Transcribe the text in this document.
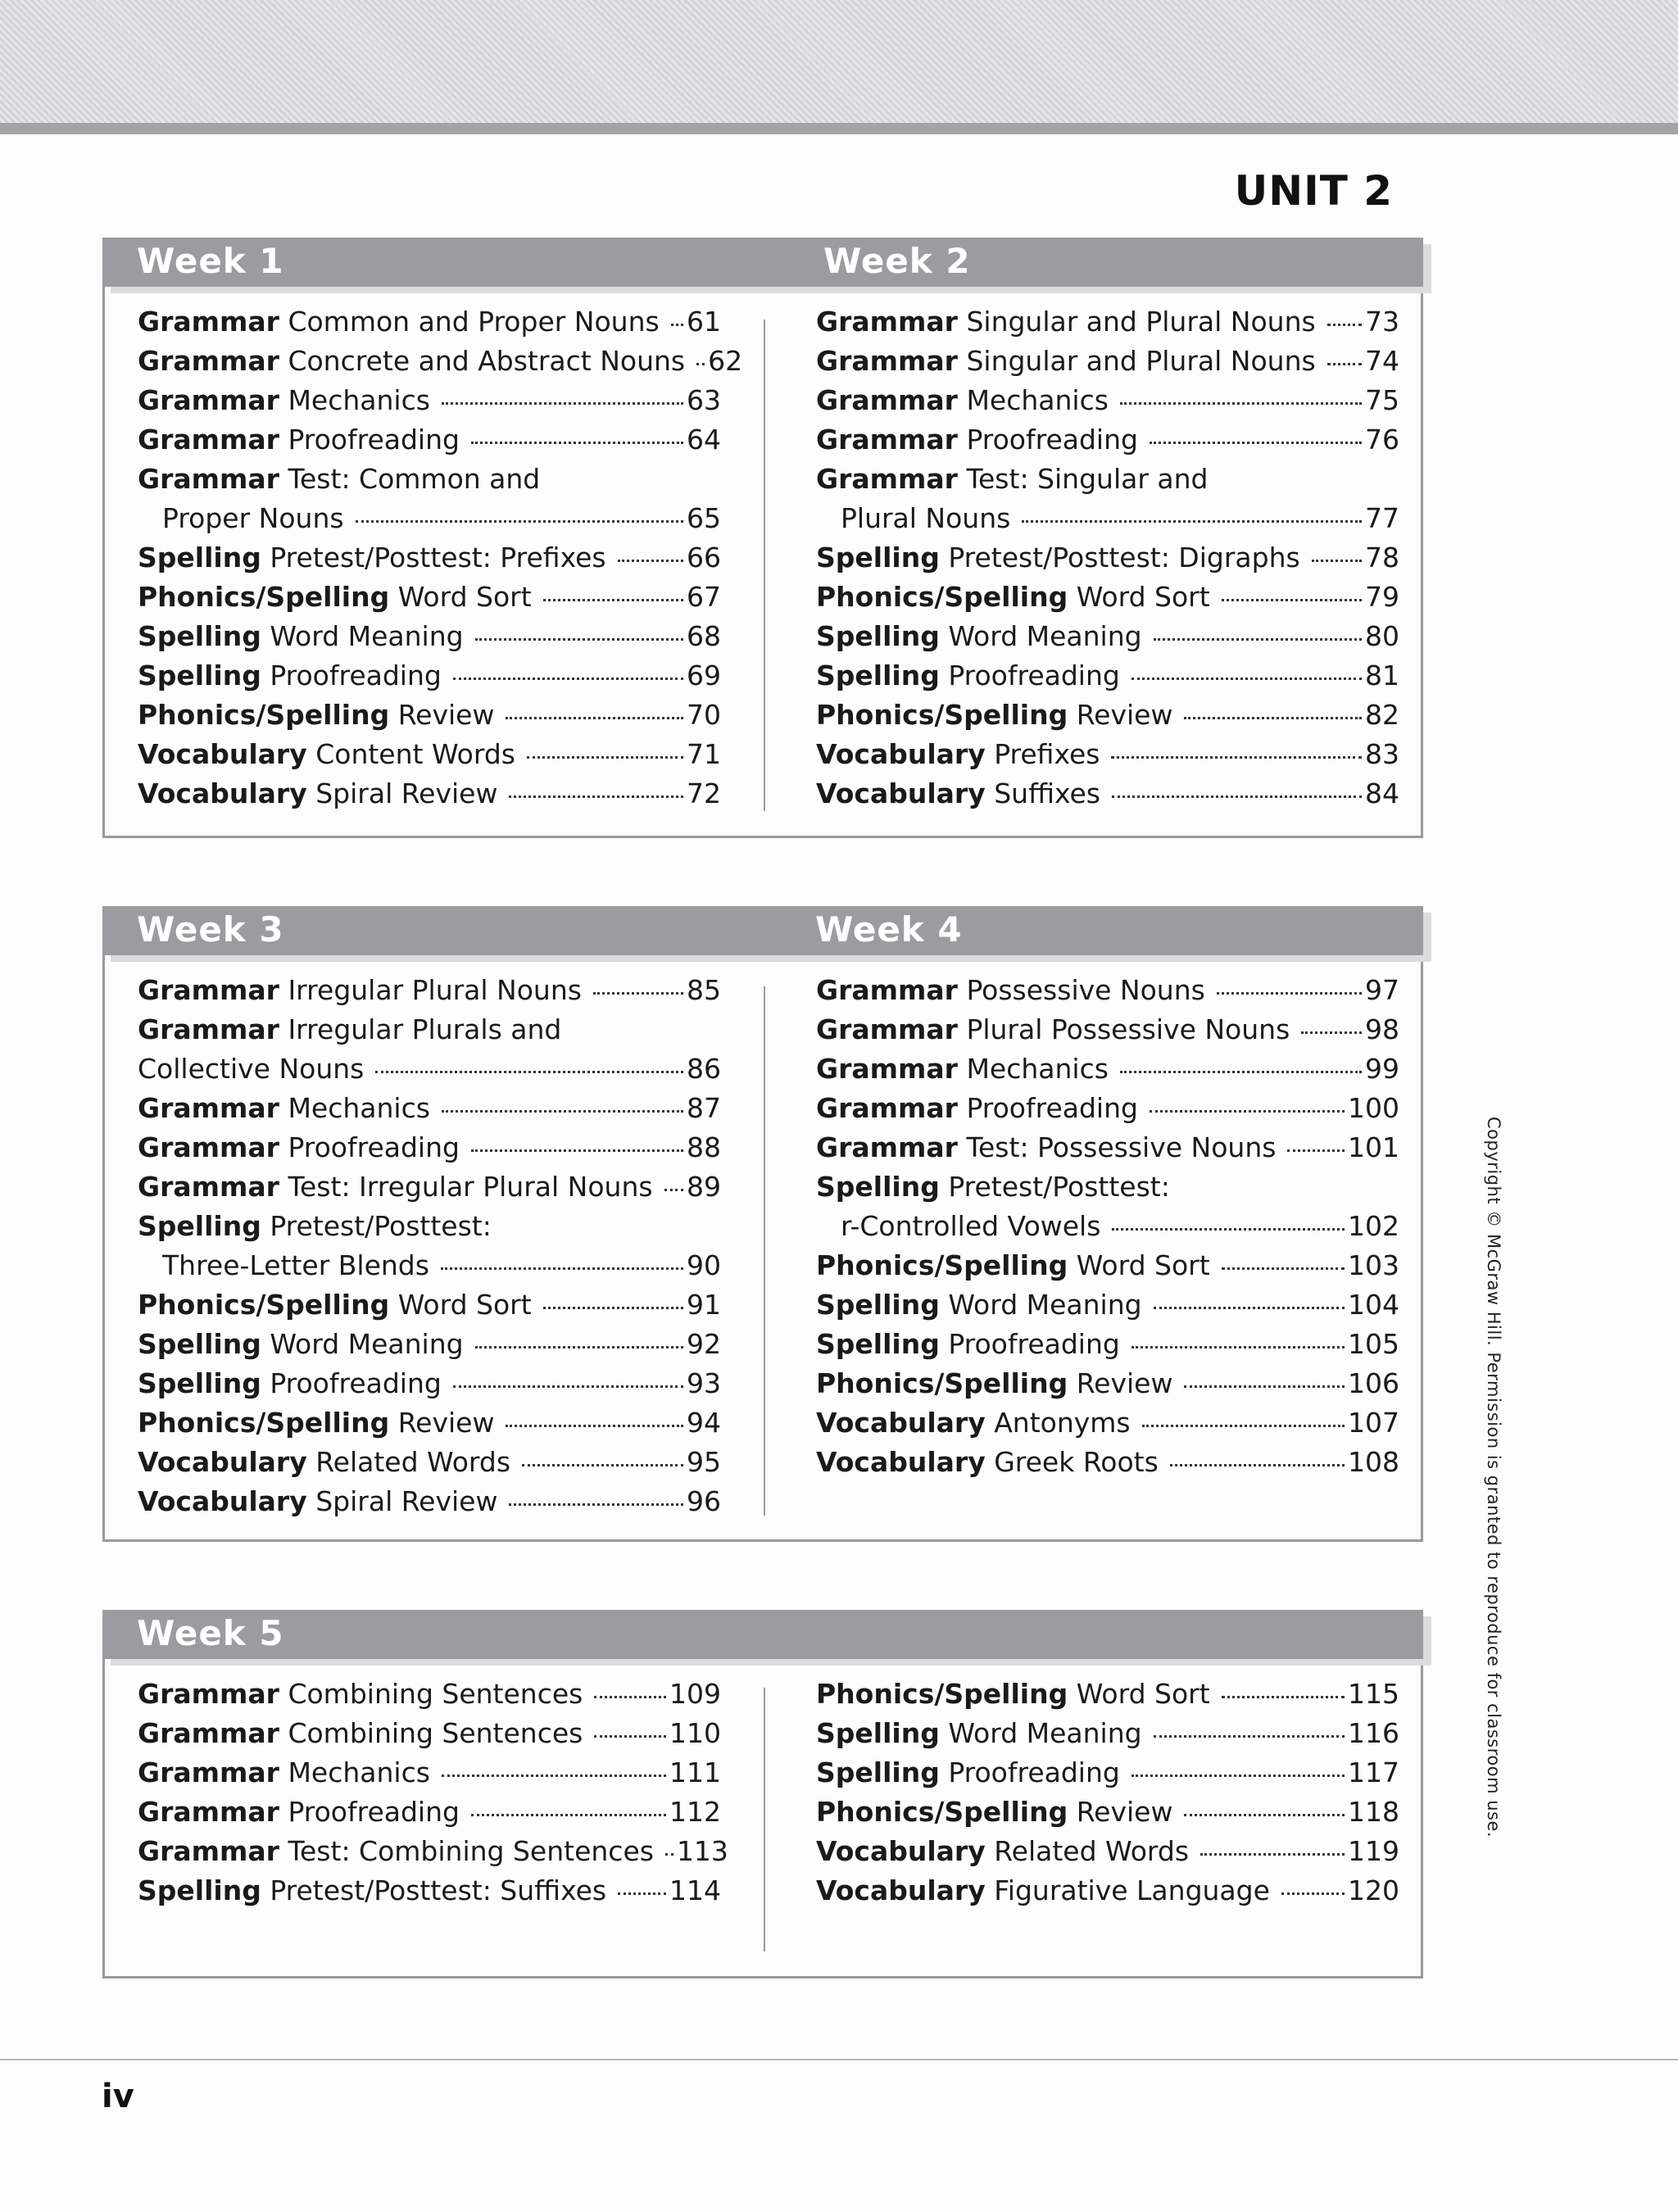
UNIT 2
Week 1	Week 2
Grammar Common and Proper Nouns 61
Grammar Concrete and Abstract Nouns 62
Grammar Mechanics	63
Grammar Proofreading	64
Grammar Test: Common and
Proper Nouns	65
Spelling Pretest/Posttest: Prefixes	66
Phonics/Spelling Word Sort	67
Spelling Word Meaning	68
Spelling Proofreading	69
Phonics/Spelling Review	70
Vocabulary Content Words	71
Vocabulary Spiral Review	72
Grammar Singular and Plural Nouns 73
Grammar Singular and Plural Nouns 74
Grammar Mechanics	75
Grammar Proofreading	76
Grammar Test: Singular and
Plural Nouns	77
Spelling Pretest/Posttest: Digraphs 78
Phonics/Spelling Word Sort	79
Spelling Word Meaning	80
Spelling Proofreading	81
Phonics/Spelling Review	82
Vocabulary Prefixes	83
Vocabulary Suffixes	84
Week 3	Week 4
Grammar Irregular Plural Nouns	85
Grammar Irregular Plurals and
Collective Nouns	86
Grammar Mechanics	87
Grammar Proofreading	88
Grammar Test: Irregular Plural Nouns 89
Spelling Pretest/Posttest:
Three-Letter Blends	90
Phonics/Spelling Word Sort	91
Spelling Word Meaning	92
Spelling Proofreading	93
Phonics/Spelling Review	94
Vocabulary Related Words	95
Vocabulary Spiral Review	96
Grammar Possessive Nouns	97
Grammar Plural Possessive Nouns	98
Grammar Mechanics	99
Grammar Proofreading	100
Grammar Test: Possessive Nouns	101
Spelling Pretest/Posttest:
r-Controlled Vowels	102
Phonics/Spelling Word Sort	103
Spelling Word Meaning	104
Spelling Proofreading	105
Phonics/Spelling Review	106
Vocabulary Antonyms	107
Vocabulary Greek Roots	108
Week 5
Grammar Combining Sentences	109
Grammar Combining Sentences	110
Grammar Mechanics	111
Grammar Proofreading	112
Grammar Test: Combining Sentences 113
Spelling Pretest/Posttest: Suffixes 114
Phonics/Spelling Word Sort	115
Spelling Word Meaning	116
Spelling Proofreading	117
Phonics/Spelling Review	118
Vocabulary Related Words	119
Vocabulary Figurative Language	120

iv

Copyright © McGraw Hill. Permission is granted to reproduce for classroom use.
